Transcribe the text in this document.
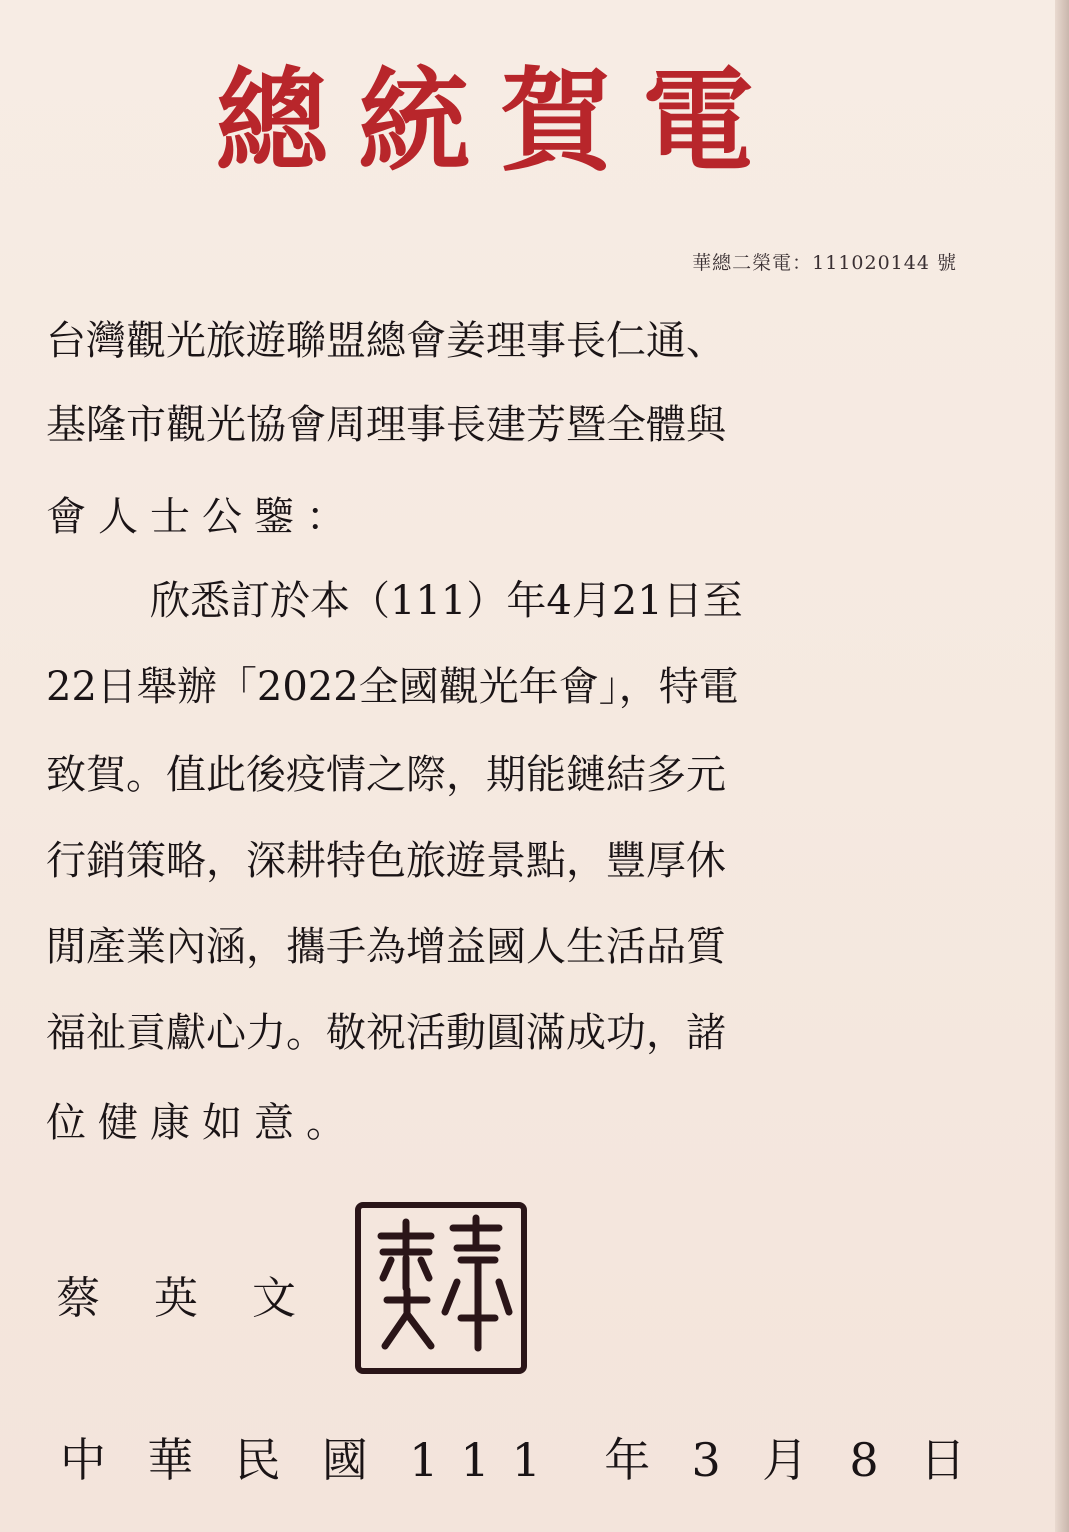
總統賀電
華總二榮電：111020144 號
台灣觀光旅遊聯盟總會姜理事長仁通、
基隆市觀光協會周理事長建芳暨全體與
會人士公鑒：
欣悉訂於本（111）年4月21日至
22日舉辦「2022全國觀光年會」，特電
致賀。值此後疫情之際，期能鏈結多元
行銷策略，深耕特色旅遊景點，豐厚休
閒產業內涵，攜手為增益國人生活品質
福祉貢獻心力。敬祝活動圓滿成功，諸
位健康如意。
蔡英文
中 華 民 國 111 年 3 月 8 日
